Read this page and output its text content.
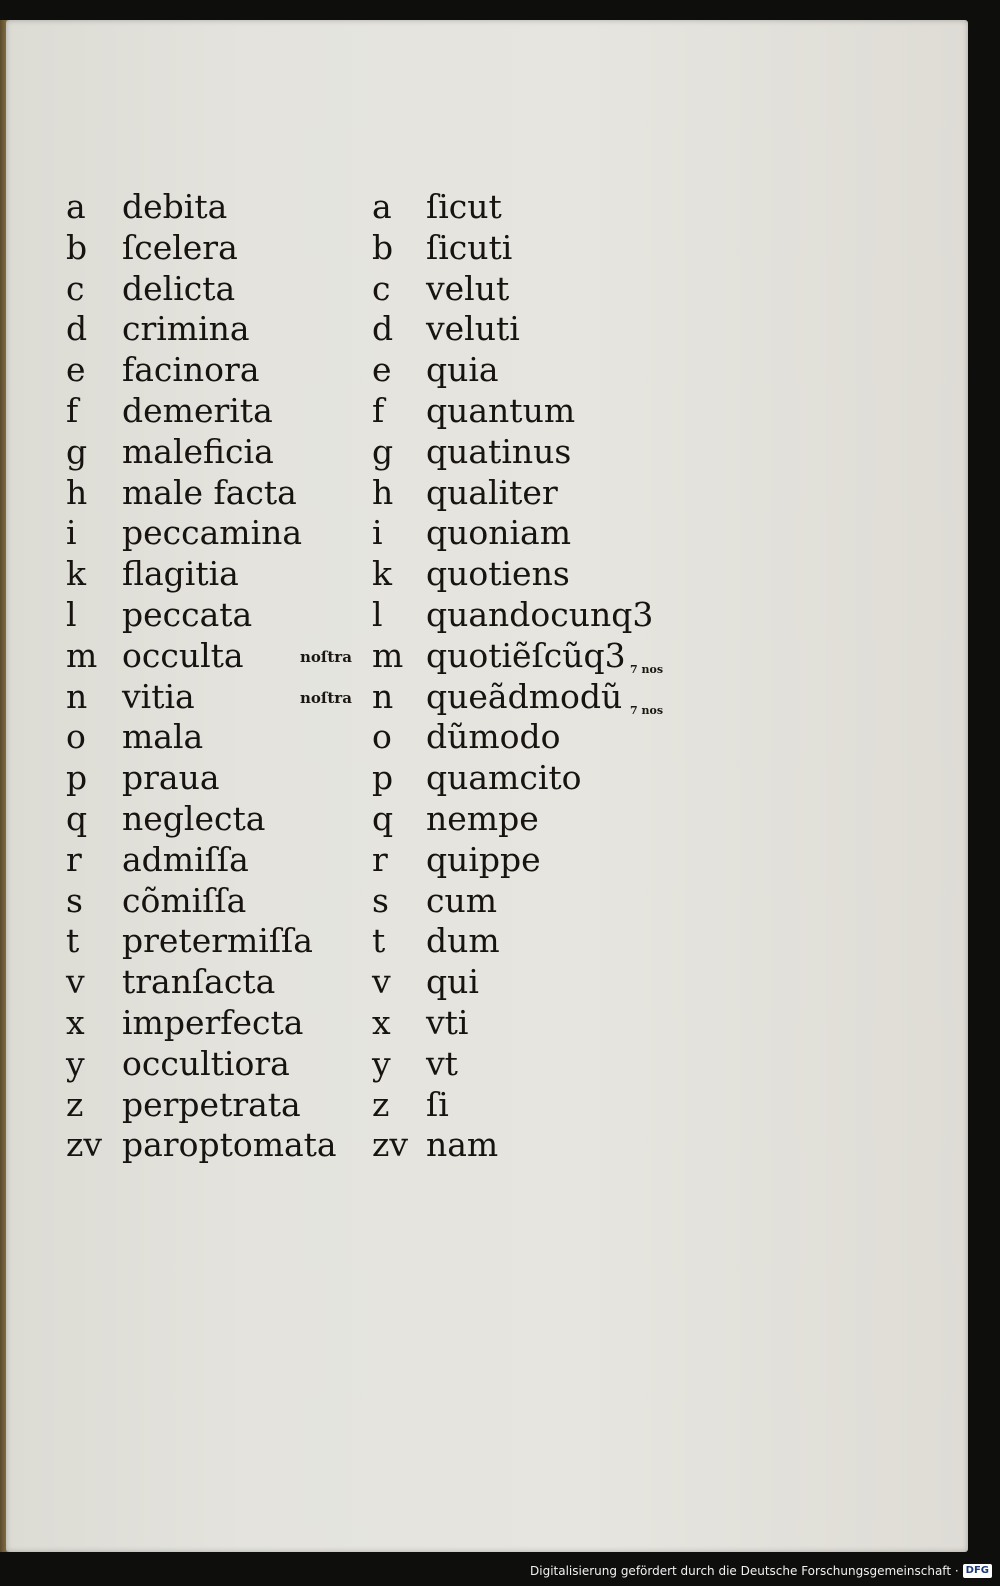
a debita
b ſcelera
c delicta
d crimina
e facinora
f demerita
g maleficia
h male facta
i peccamina
k flagitia
l peccata
m occulta
n vitia
o mala
p praua
q neglecta
r admiſſa
s cõmiſſa
t pretermiſſa
v tranſacta
x imperfecta
y occultiora
z perpetrata
zv paroptomata
a ſicut
b ſicuti
c velut
d veluti
e quia
f quantum
g quatinus
h qualiter
i quoniam
k quotiens
l quandocunq3
m quotiẽſcũq3
noſtra
7 nos
n queãdmodũ
noſtra
7 nos
o dũmodo
p quamcito
q nempe
r quippe
s cum
t dum
v qui
x vti
y vt
z ſi
zv nam
Digitalisierung gefördert durch die Deutsche Forschungsgemeinschaft · DFG
